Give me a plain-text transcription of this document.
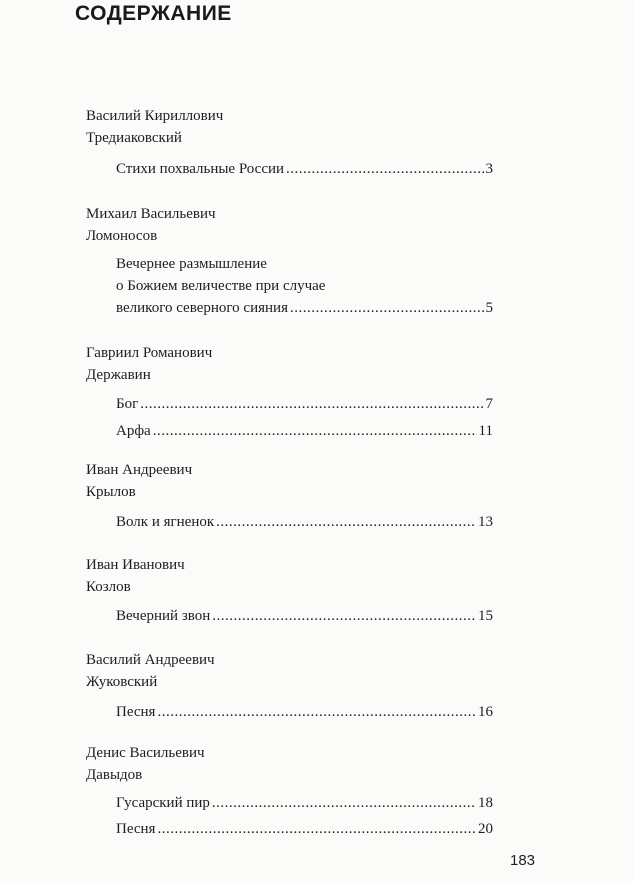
СОДЕРЖАНИЕ
Василий Кириллович
Тредиаковский
Стихи похвальные России .....	3
Михаил Васильевич
Ломоносов
Вечернее размышление
о Божием величестве при случае
великого северного сияния .....	5
Гавриил Романович
Державин
Бог .....	7
Арфа .....	11
Иван Андреевич
Крылов
Волк и ягненок .....	13
Иван Иванович
Козлов
Вечерний звон .....	15
Василий Андреевич
Жуковский
Песня .....	16
Денис Васильевич
Давыдов
Гусарский пир .....	18
Песня .....	20
183
